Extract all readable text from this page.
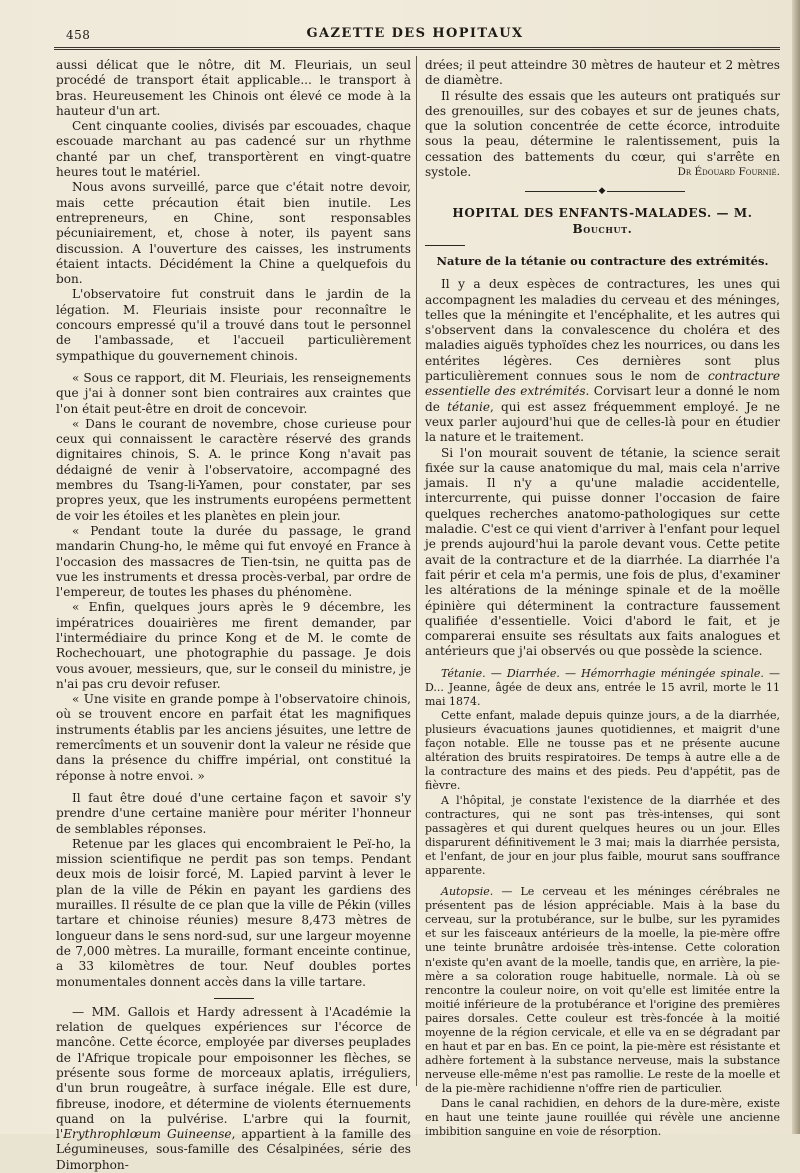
458	GAZETTE DES HOPITAUX

aussi délicat que le nôtre, dit M. Fleuriais, un seul procédé de transport était applicable... le transport à bras. Heureusement les Chinois ont élevé ce mode à la hauteur d'un art.

Cent cinquante coolies, divisés par escouades, chaque escouade marchant au pas cadencé sur un rhythme chanté par un chef, transportèrent en vingt-quatre heures tout le matériel.

Nous avons surveillé, parce que c'était notre devoir, mais cette précaution était bien inutile. Les entrepreneurs, en Chine, sont responsables pécuniairement, et, chose à noter, ils payent sans discussion. A l'ouverture des caisses, les instruments étaient intacts. Décidément la Chine a quelquefois du bon.

L'observatoire fut construit dans le jardin de la légation. M. Fleuriais insiste pour reconnaître le concours empressé qu'il a trouvé dans tout le personnel de l'ambassade, et l'accueil particulièrement sympathique du gouvernement chinois.

« Sous ce rapport, dit M. Fleuriais, les renseignements que j'ai à donner sont bien contraires aux craintes que l'on était peut-être en droit de concevoir.

« Dans le courant de novembre, chose curieuse pour ceux qui connaissent le caractère réservé des grands dignitaires chinois, S. A. le prince Kong n'avait pas dédaigné de venir à l'observatoire, accompagné des membres du Tsang-li-Yamen, pour constater, par ses propres yeux, que les instruments européens permettent de voir les étoiles et les planètes en plein jour.

« Pendant toute la durée du passage, le grand mandarin Chung-ho, le même qui fut envoyé en France à l'occasion des massacres de Tien-tsin, ne quitta pas de vue les instruments et dressa procès-verbal, par ordre de l'empereur, de toutes les phases du phénomène.

« Enfin, quelques jours après le 9 décembre, les impératrices douairières me firent demander, par l'intermédiaire du prince Kong et de M. le comte de Rochechouart, une photographie du passage. Je dois vous avouer, messieurs, que, sur le conseil du ministre, je n'ai pas cru devoir refuser.

« Une visite en grande pompe à l'observatoire chinois, où se trouvent encore en parfait état les magnifiques instruments établis par les anciens jésuites, une lettre de remercîments et un souvenir dont la valeur ne réside que dans la présence du chiffre impérial, ont constitué la réponse à notre envoi. »

Il faut être doué d'une certaine façon et savoir s'y prendre d'une certaine manière pour mériter l'honneur de semblables réponses.

Retenue par les glaces qui encombraient le Peï-ho, la mission scientifique ne perdit pas son temps. Pendant deux mois de loisir forcé, M. Lapied parvint à lever le plan de la ville de Pékin en payant les gardiens des murailles. Il résulte de ce plan que la ville de Pékin (villes tartare et chinoise réunies) mesure 8,473 mètres de longueur dans le sens nord-sud, sur une largeur moyenne de 7,000 mètres. La muraille, formant enceinte continue, a 33 kilomètres de tour. Neuf doubles portes monumentales donnent accès dans la ville tartare.

— MM. Gallois et Hardy adressent à l'Académie la relation de quelques expériences sur l'écorce de mancône. Cette écorce, employée par diverses peuplades de l'Afrique tropicale pour empoisonner les flèches, se présente sous forme de morceaux aplatis, irréguliers, d'un brun rougeâtre, à surface inégale. Elle est dure, fibreuse, inodore, et détermine de violents éternuements quand on la pulvérise. L'arbre qui la fournit, l'Erythrophlœum Guineense, appartient à la famille des Légumineuses, sous-famille des Césalpinées, série des Dimorphon-

drées; il peut atteindre 30 mètres de hauteur et 2 mètres de diamètre.

Il résulte des essais que les auteurs ont pratiqués sur des grenouilles, sur des cobayes et sur de jeunes chats, que la solution concentrée de cette écorce, introduite sous la peau, détermine le ralentissement, puis la cessation des battements du cœur, qui s'arrête en systole.	Dr Édouard Fournié.

◆
HOPITAL DES ENFANTS-MALADES. — M. Bouchut.
Nature de la tétanie ou contracture des extrémités.

Il y a deux espèces de contractures, les unes qui accompagnent les maladies du cerveau et des méninges, telles que la méningite et l'encéphalite, et les autres qui s'observent dans la convalescence du choléra et des maladies aiguës typhoïdes chez les nourrices, ou dans les entérites légères. Ces dernières sont plus particulièrement connues sous le nom de contracture essentielle des extrémités. Corvisart leur a donné le nom de tétanie, qui est assez fréquemment employé. Je ne veux parler aujourd'hui que de celles-là pour en étudier la nature et le traitement.

Si l'on mourait souvent de tétanie, la science serait fixée sur la cause anatomique du mal, mais cela n'arrive jamais. Il n'y a qu'une maladie accidentelle, intercurrente, qui puisse donner l'occasion de faire quelques recherches anatomo-pathologiques sur cette maladie. C'est ce qui vient d'arriver à l'enfant pour lequel je prends aujourd'hui la parole devant vous. Cette petite avait de la contracture et de la diarrhée. La diarrhée l'a fait périr et cela m'a permis, une fois de plus, d'examiner les altérations de la méninge spinale et de la moëlle épinière qui déterminent la contracture faussement qualifiée d'essentielle. Voici d'abord le fait, et je comparerai ensuite ses résultats aux faits analogues et antérieurs que j'ai observés ou que possède la science.

Tétanie. — Diarrhée. — Hémorrhagie méningée spinale. — D... Jeanne, âgée de deux ans, entrée le 15 avril, morte le 11 mai 1874.

Cette enfant, malade depuis quinze jours, a de la diarrhée, plusieurs évacuations jaunes quotidiennes, et maigrit d'une façon notable. Elle ne tousse pas et ne présente aucune altération des bruits respiratoires. De temps à autre elle a de la contracture des mains et des pieds. Peu d'appétit, pas de fièvre.

A l'hôpital, je constate l'existence de la diarrhée et des contractures, qui ne sont pas très-intenses, qui sont passagères et qui durent quelques heures ou un jour. Elles disparurent définitivement le 3 mai; mais la diarrhée persista, et l'enfant, de jour en jour plus faible, mourut sans souffrance apparente.

Autopsie. — Le cerveau et les méninges cérébrales ne présentent pas de lésion appréciable. Mais à la base du cerveau, sur la protubérance, sur le bulbe, sur les pyramides et sur les faisceaux antérieurs de la moelle, la pie-mère offre une teinte brunâtre ardoisée très-intense. Cette coloration n'existe qu'en avant de la moelle, tandis que, en arrière, la pie-mère a sa coloration rouge habituelle, normale. Là où se rencontre la couleur noire, on voit qu'elle est limitée entre la moitié inférieure de la protubérance et l'origine des premières paires dorsales. Cette couleur est très-foncée à la moitié moyenne de la région cervicale, et elle va en se dégradant par en haut et par en bas. En ce point, la pie-mère est résistante et adhère fortement à la substance nerveuse, mais la substance nerveuse elle-même n'est pas ramollie. Le reste de la moelle et de la pie-mère rachidienne n'offre rien de particulier.

Dans le canal rachidien, en dehors de la dure-mère, existe en haut une teinte jaune rouillée qui révèle une ancienne imbibition sanguine en voie de résorption.
